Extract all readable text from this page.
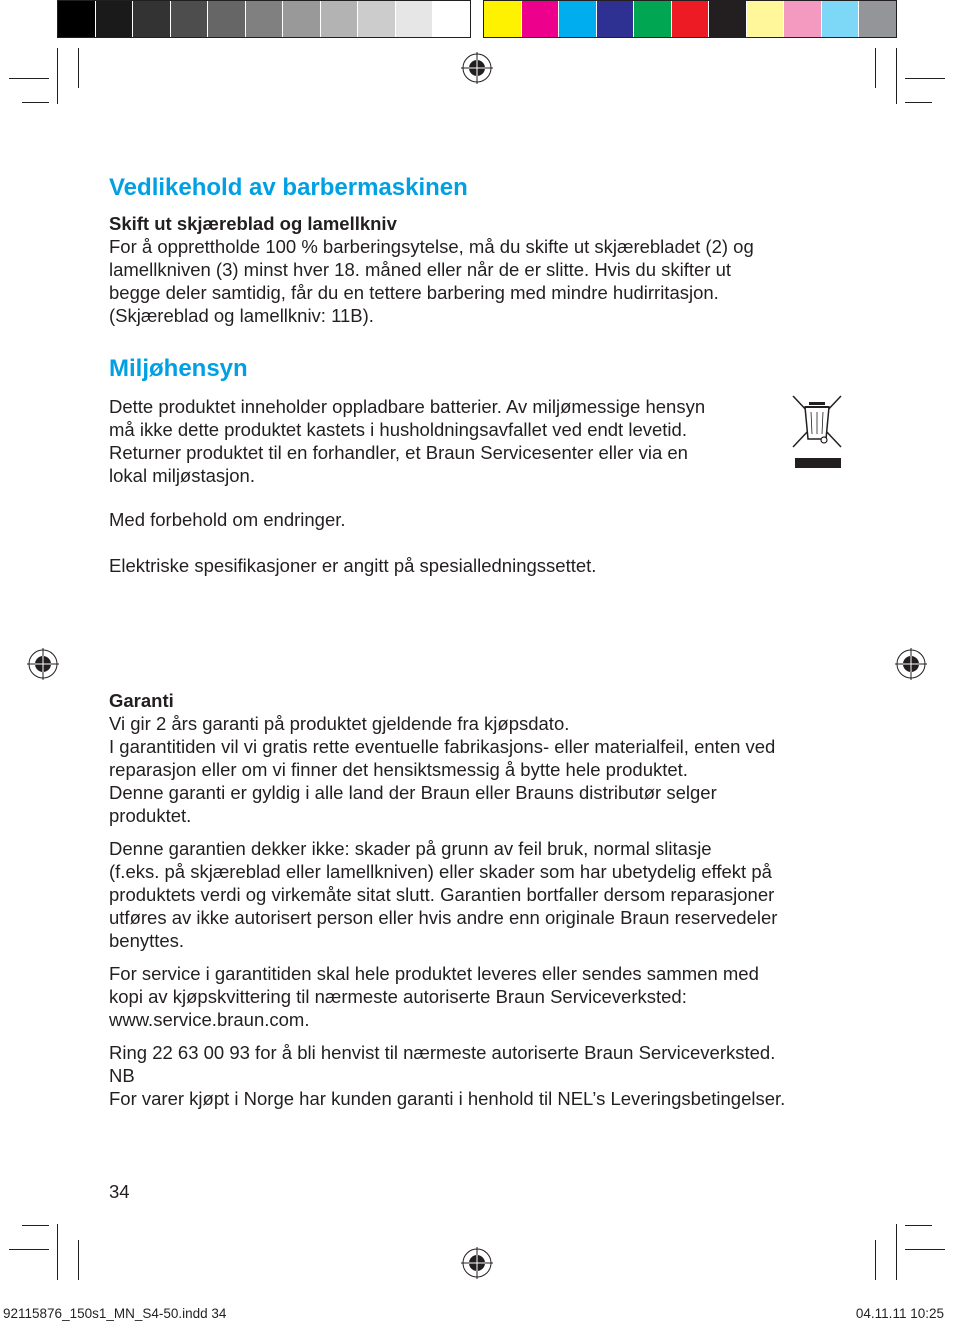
Vedlikehold av barbermaskinen

Skift ut skjæreblad og lamellkniv

For å opprettholde 100 % barberingsytelse, må du skifte ut skjærebladet (2) og

lamellkniven (3) minst hver 18. måned eller når de er slitte. Hvis du skifter ut

begge deler samtidig, får du en tettere barbering med mindre hudirritasjon.

(Skjæreblad og lamellkniv: 11B).

Miljøhensyn

Dette produktet inneholder oppladbare batterier. Av miljømessige hensyn

må ikke dette produktet kastets i husholdningsavfallet ved endt levetid.

Returner produktet til en forhandler, et Braun Servicesenter eller via en

lokal miljøstasjon.

Med forbehold om endringer.

Elektriske spesifikasjoner er angitt på spesialledningssettet.

Garanti

Vi gir 2 års garanti på produktet gjeldende fra kjøpsdato.

I garantitiden vil vi gratis rette eventuelle fabrikasjons- eller materialfeil, enten ved

reparasjon eller om vi finner det hensiktsmessig å bytte hele produktet.

Denne garanti er gyldig i alle land der Braun eller Brauns distributør selger

produktet.

Denne garantien dekker ikke: skader på grunn av feil bruk, normal slitasje

(f.eks. på skjæreblad eller lamellkniven) eller skader som har ubetydelig effekt på

produktets verdi og virkemåte sitat slutt. Garantien bortfaller dersom reparasjoner

utføres av ikke autorisert person eller hvis andre enn originale Braun reservedeler

benyttes.

For service i garantitiden skal hele produktet leveres eller sendes sammen med

kopi av kjøpskvittering til nærmeste autoriserte Braun Serviceverksted:

www.service.braun.com.

Ring 22 63 00 93 for å bli henvist til nærmeste autoriserte Braun Serviceverksted.

NB

For varer kjøpt i Norge har kunden garanti i henhold til NEL’s Leveringsbetingelser.

34
92115876_150s1_MN_S4-50.indd 34	04.11.11 10:25
